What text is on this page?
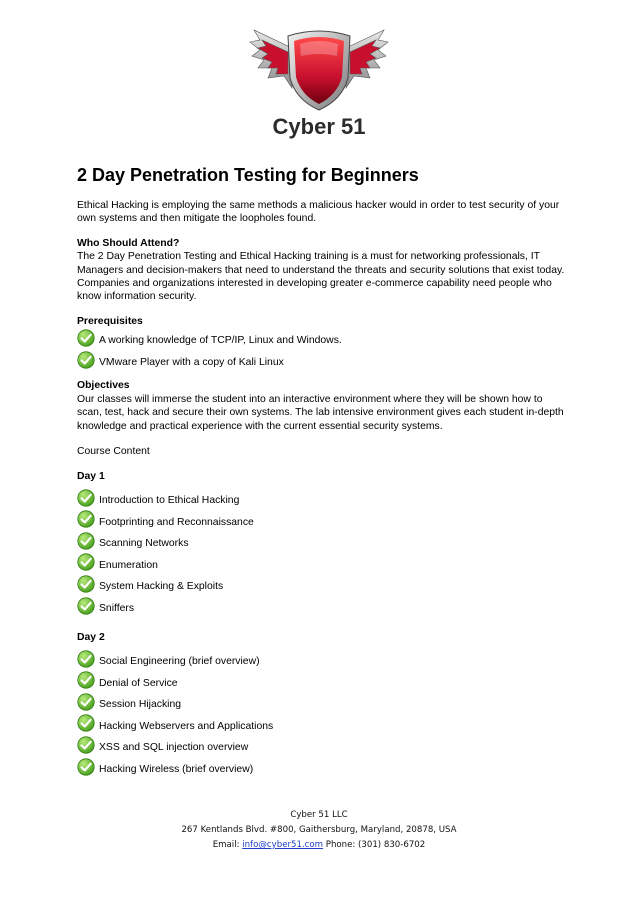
Cyber 51
2 Day Penetration Testing for Beginners

Ethical Hacking is employing the same methods a malicious hacker would in order to test security of your own systems and then mitigate the loopholes found.

Who Should Attend?

The 2 Day Penetration Testing and Ethical Hacking training is a must for networking professionals, IT Managers and decision-makers that need to understand the threats and security solutions that exist today. Companies and organizations interested in developing greater e-commerce capability need people who know information security.

Prerequisites

A working knowledge of TCP/IP, Linux and Windows.
VMware Player with a copy of Kali Linux

Objectives

Our classes will immerse the student into an interactive environment where they will be shown how to scan, test, hack and secure their own systems. The lab intensive environment gives each student in-depth knowledge and practical experience with the current essential security systems.

Course Content

Day 1

Introduction to Ethical Hacking
Footprinting and Reconnaissance
Scanning Networks
Enumeration
System Hacking & Exploits
Sniffers

Day 2

Social Engineering (brief overview)
Denial of Service
Session Hijacking
Hacking Webservers and Applications
XSS and SQL injection overview
Hacking Wireless (brief overview)
Cyber 51 LLC
267 Kentlands Blvd. #800, Gaithersburg, Maryland, 20878, USA
Email: info@cyber51.com Phone: (301) 830-6702
